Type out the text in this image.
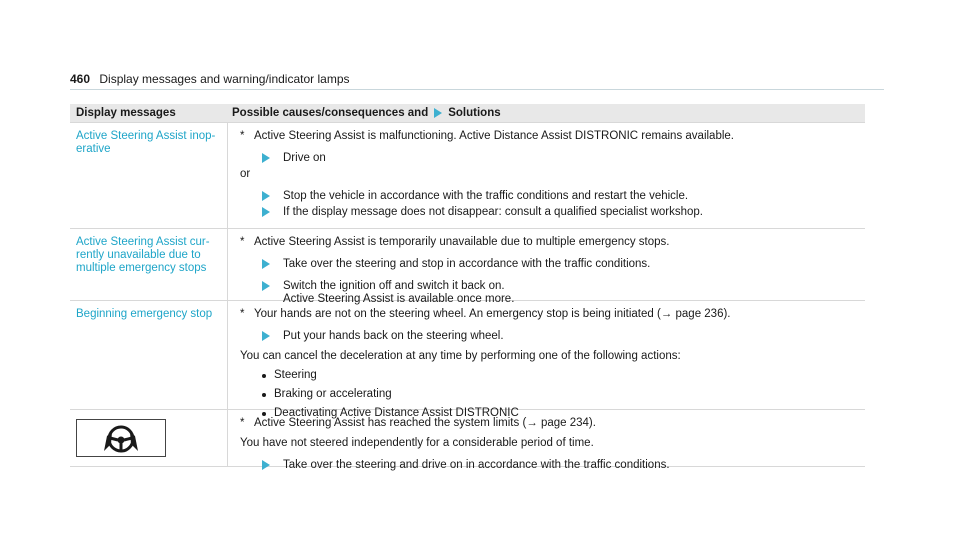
460 Display messages and warning/indicator lamps
Display messages	Possible causes/consequences and Solutions
Active Steering Assist inop-
erative
* Active Steering Assist is malfunctioning. Active Distance Assist DISTRONIC remains available.
Drive on
or
Stop the vehicle in accordance with the traffic conditions and restart the vehicle.
If the display message does not disappear: consult a qualified specialist workshop.
Active Steering Assist cur-
rently unavailable due to
multiple emergency stops
* Active Steering Assist is temporarily unavailable due to multiple emergency stops.
Take over the steering and stop in accordance with the traffic conditions.
Switch the ignition off and switch it back on.
Active Steering Assist is available once more.
Beginning emergency stop	* Your hands are not on the steering wheel. An emergency stop is being initiated (→ page 236).
Put your hands back on the steering wheel.
You can cancel the deceleration at any time by performing one of the following actions:
Steering
Braking or accelerating
Deactivating Active Distance Assist DISTRONIC
* Active Steering Assist has reached the system limits (→ page 234).
You have not steered independently for a considerable period of time.
Take over the steering and drive on in accordance with the traffic conditions.
